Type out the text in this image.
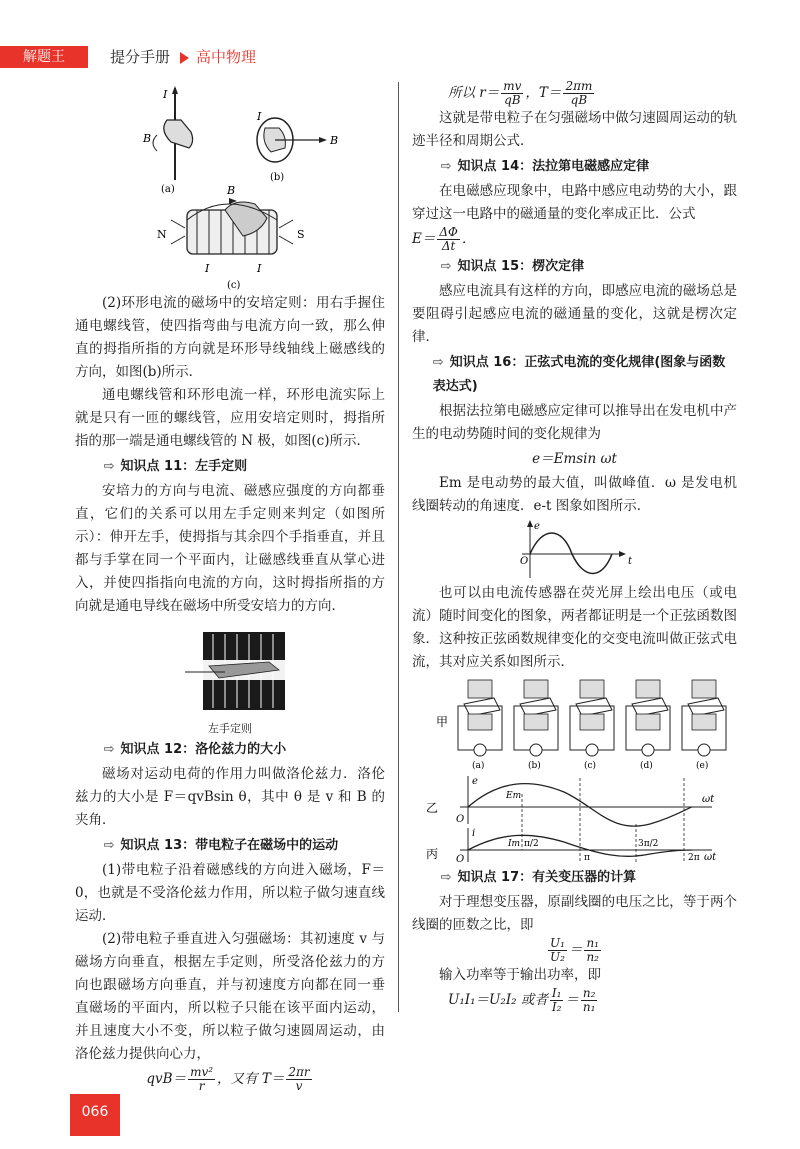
解题王	提分手册 高中物理
I
B
(a)
B
I
(b)
B
N	S
I	I
(c)

(2)环形电流的磁场中的安培定则：用右手握住通电螺线管，使四指弯曲与电流方向一致，那么伸直的拇指所指的方向就是环形导线轴线上磁感线的方向，如图(b)所示．

通电螺线管和环形电流一样，环形电流实际上就是只有一匝的螺线管，应用安培定则时，拇指所指的那一端是通电螺线管的 N 极，如图(c)所示．

⇨ 知识点 11：左手定则

安培力的方向与电流、磁感应强度的方向都垂直，它们的关系可以用左手定则来判定（如图所示）：伸开左手，使拇指与其余四个手指垂直，并且都与手掌在同一个平面内，让磁感线垂直从掌心进入，并使四指指向电流的方向，这时拇指所指的方向就是通电导线在磁场中所受安培力的方向．

左手定则
⇨ 知识点 12：洛伦兹力的大小

磁场对运动电荷的作用力叫做洛伦兹力．洛伦兹力的大小是 F＝qvBsin θ，其中 θ 是 v 和 B 的夹角．

⇨ 知识点 13：带电粒子在磁场中的运动

(1)带电粒子沿着磁感线的方向进入磁场，F＝0，也就是不受洛伦兹力作用，所以粒子做匀速直线运动．

(2)带电粒子垂直进入匀强磁场：其初速度 v 与磁场方向垂直，根据左手定则，所受洛伦兹力的方向也跟磁场方向垂直，并与初速度方向都在同一垂直磁场的平面内，所以粒子只能在该平面内运动，并且速度大小不变，所以粒子做匀速圆周运动，由洛伦兹力提供向心力，

$qvB= \frac{\text{mv²}}{r}$ ，又有 $T= \frac{2\pi r}{v}$
所以 $r= \frac{mv}{qB}$ ，$T= \frac{2\pi m}{qB}$

这就是带电粒子在匀强磁场中做匀速圆周运动的轨迹半径和周期公式．

⇨ 知识点 14：法拉第电磁感应定律

在电磁感应现象中，电路中感应电动势的大小，跟穿过这一电路中的磁通量的变化率成正比．公式

$E= \frac{\Delta\Phi}{\Delta t}$ ．

⇨ 知识点 15：楞次定律

感应电流具有这样的方向，即感应电流的磁场总是要阻碍引起感应电流的磁通量的变化，这就是楞次定律．

⇨ 知识点 16：正弦式电流的变化规律(图象与函数表达式)

根据法拉第电磁感应定律可以推导出在发电机中产生的电动势随时间的变化规律为

e＝Emsin ωt

Em 是电动势的最大值，叫做峰值．ω 是发电机线圈转动的角速度．e-t 图象如图所示．

e
O	t

也可以由电流传感器在荧光屏上绘出电压（或电流）随时间变化的图象，两者都证明是一个正弦函数图象．这种按正弦函数规律变化的交变电流叫做正弦式电流，其对应关系如图所示．

甲
(a)	(b)	(c)	(d)	(e)
乙
e
O
Em	ωt
丙
i
O
Im π/2
π
3π/2
2π ωt
⇨ 知识点 17：有关变压器的计算

对于理想变压器，原副线圈的电压之比，等于两个线圈的匝数之比，即

$\frac{\text{U₁}}{\text{U₂}} = \frac{\text{n₁}}{\text{n₂}}$

输入功率等于输出功率，即

U₁I₁＝U₂I₂ 或者 $\frac{\text{I₁}}{\text{I₂}} = \frac{\text{n₂}}{\text{n₁}}$
066
